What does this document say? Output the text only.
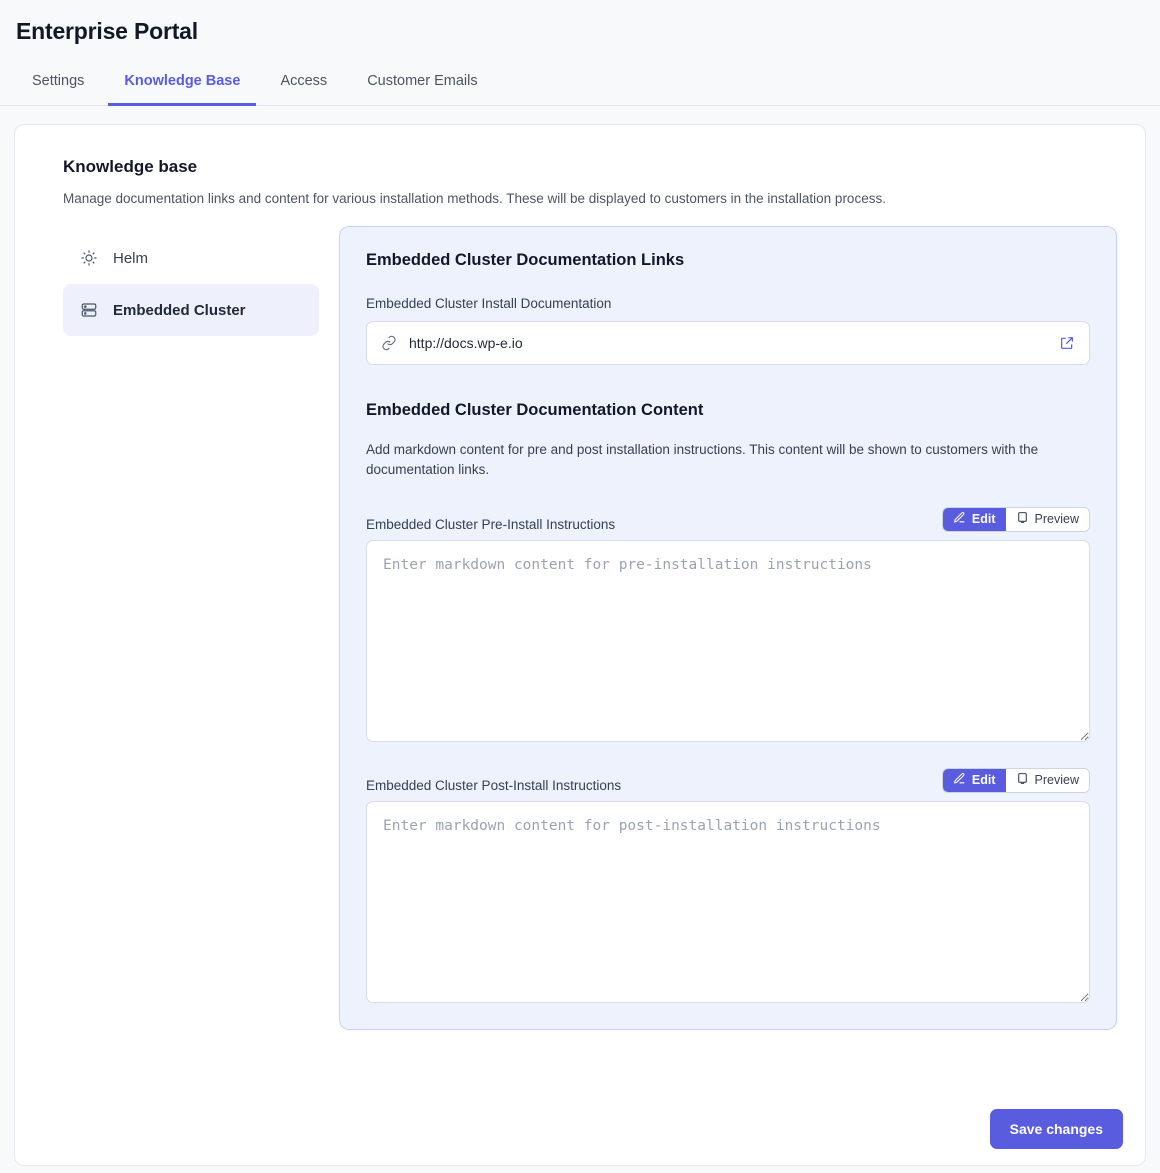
Enterprise Portal
Settings	Knowledge Base	Access	Customer Emails
Knowledge base
Manage documentation links and content for various installation methods. These will be displayed to customers in the installation process.
Helm
Embedded Cluster
Embedded Cluster Documentation Links
Embedded Cluster Install Documentation
http://docs.wp-e.io
Embedded Cluster Documentation Content
Add markdown content for pre and post installation instructions. This content will be shown to customers with the documentation links.
Embedded Cluster Pre-Install Instructions	Edit	Preview
Enter markdown content for pre-installation instructions
Embedded Cluster Post-Install Instructions	Edit	Preview
Enter markdown content for post-installation instructions
Save changes
